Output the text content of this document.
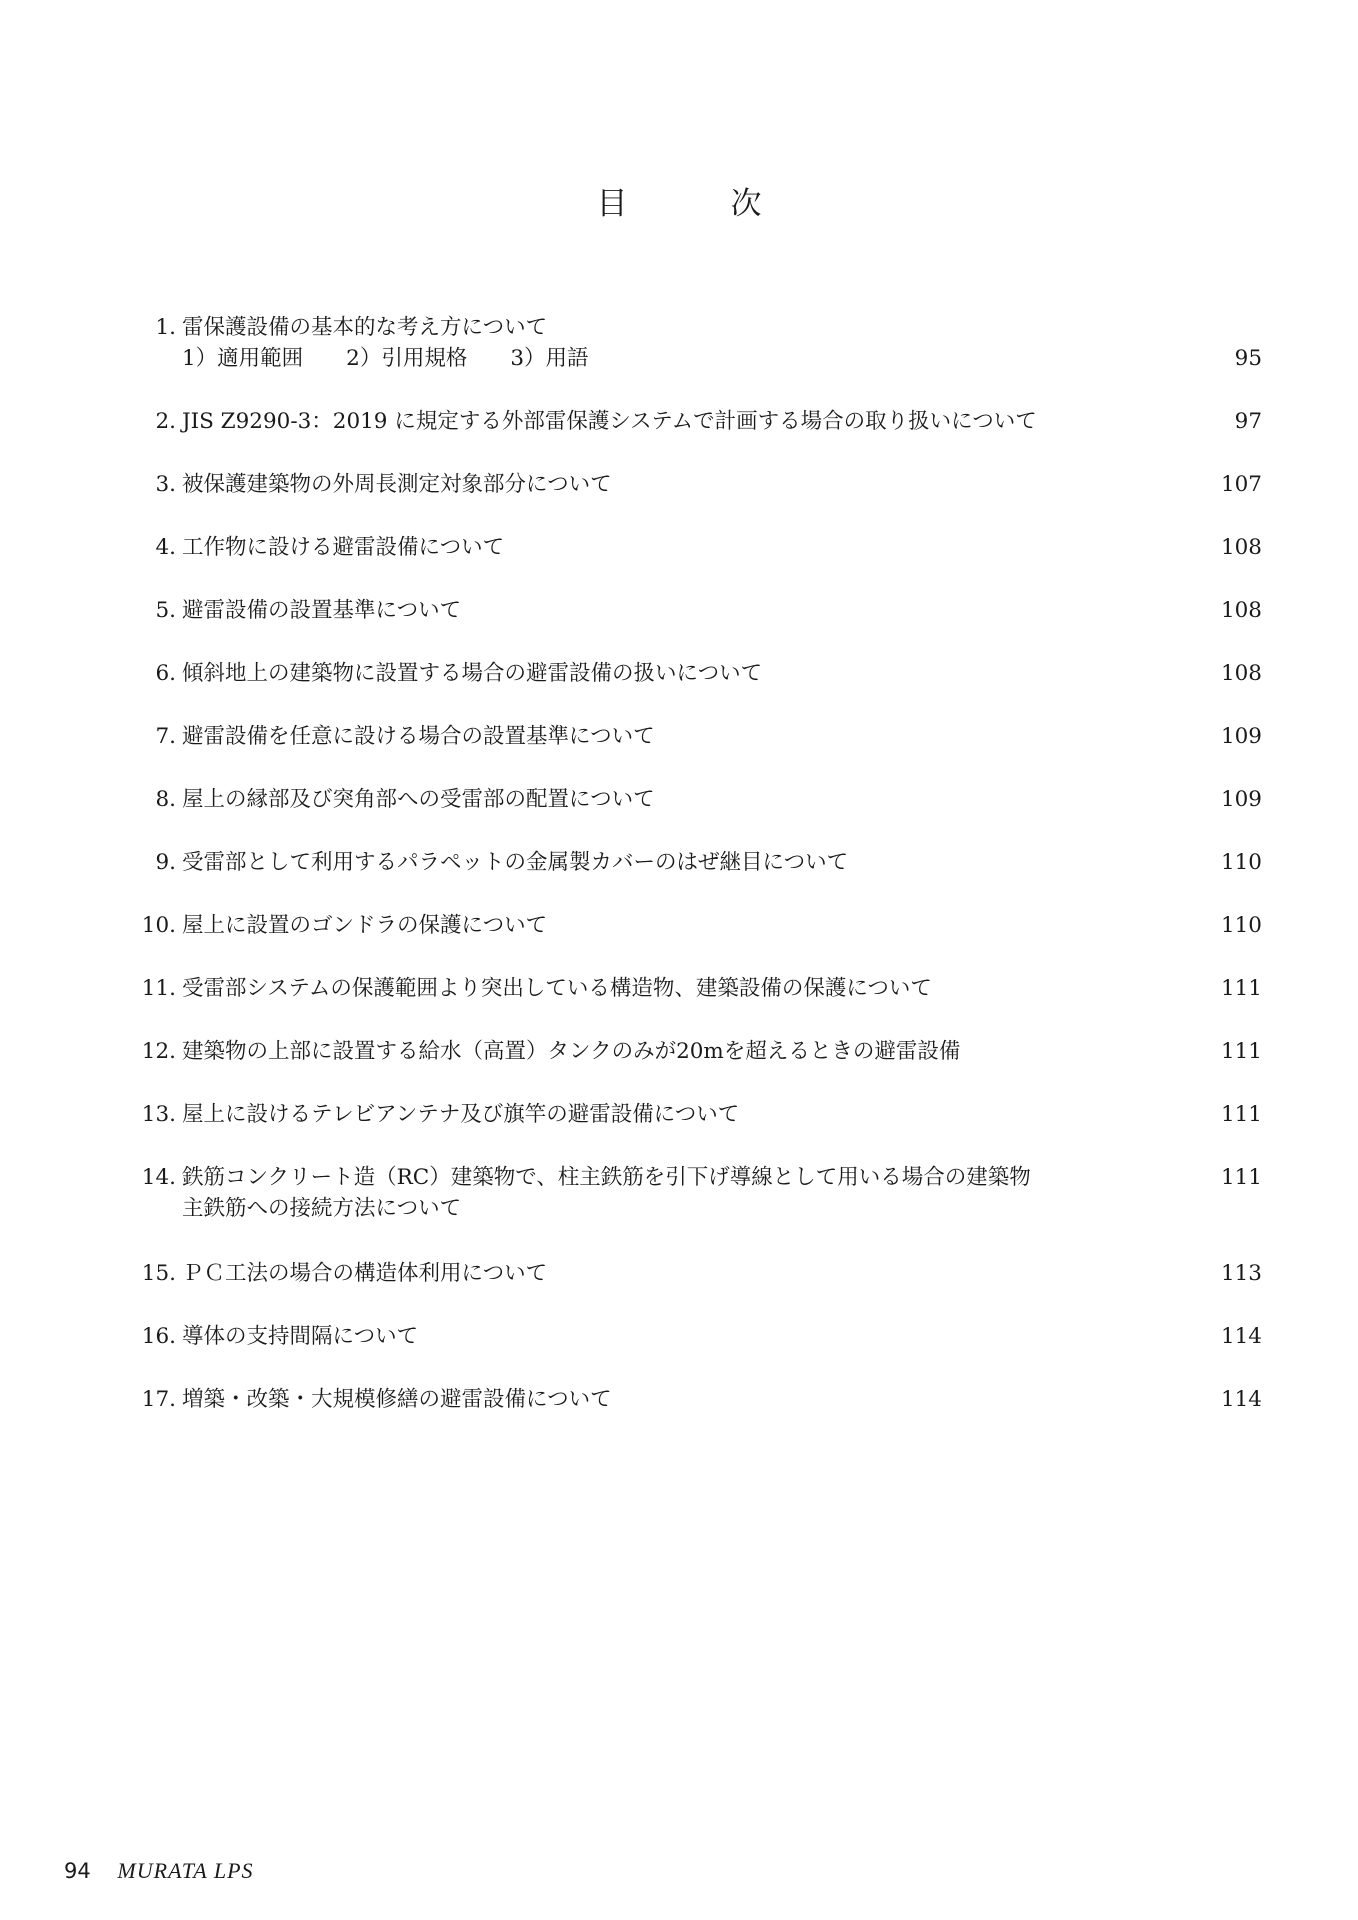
目　次
1. 雷保護設備の基本的な考え方について
1）適用範囲　　2）引用規格　　3）用語	95
2. JIS Z9290-3：2019 に規定する外部雷保護システムで計画する場合の取り扱いについて	97
3. 被保護建築物の外周長測定対象部分について	107
4. 工作物に設ける避雷設備について	108
5. 避雷設備の設置基準について	108
6. 傾斜地上の建築物に設置する場合の避雷設備の扱いについて	108
7. 避雷設備を任意に設ける場合の設置基準について	109
8. 屋上の縁部及び突角部への受雷部の配置について	109
9. 受雷部として利用するパラペットの金属製カバーのはぜ継目について	110
10. 屋上に設置のゴンドラの保護について	110
11. 受雷部システムの保護範囲より突出している構造物、建築設備の保護について	111
12. 建築物の上部に設置する給水（高置）タンクのみが20mを超えるときの避雷設備	111
13. 屋上に設けるテレビアンテナ及び旗竿の避雷設備について	111
14. 鉄筋コンクリート造（RC）建築物で、柱主鉄筋を引下げ導線として用いる場合の建築物
主鉄筋への接続方法について
111
15. ＰＣ工法の場合の構造体利用について	113
16. 導体の支持間隔について	114
17. 増築・改築・大規模修繕の避雷設備について	114
94 MURATA LPS
